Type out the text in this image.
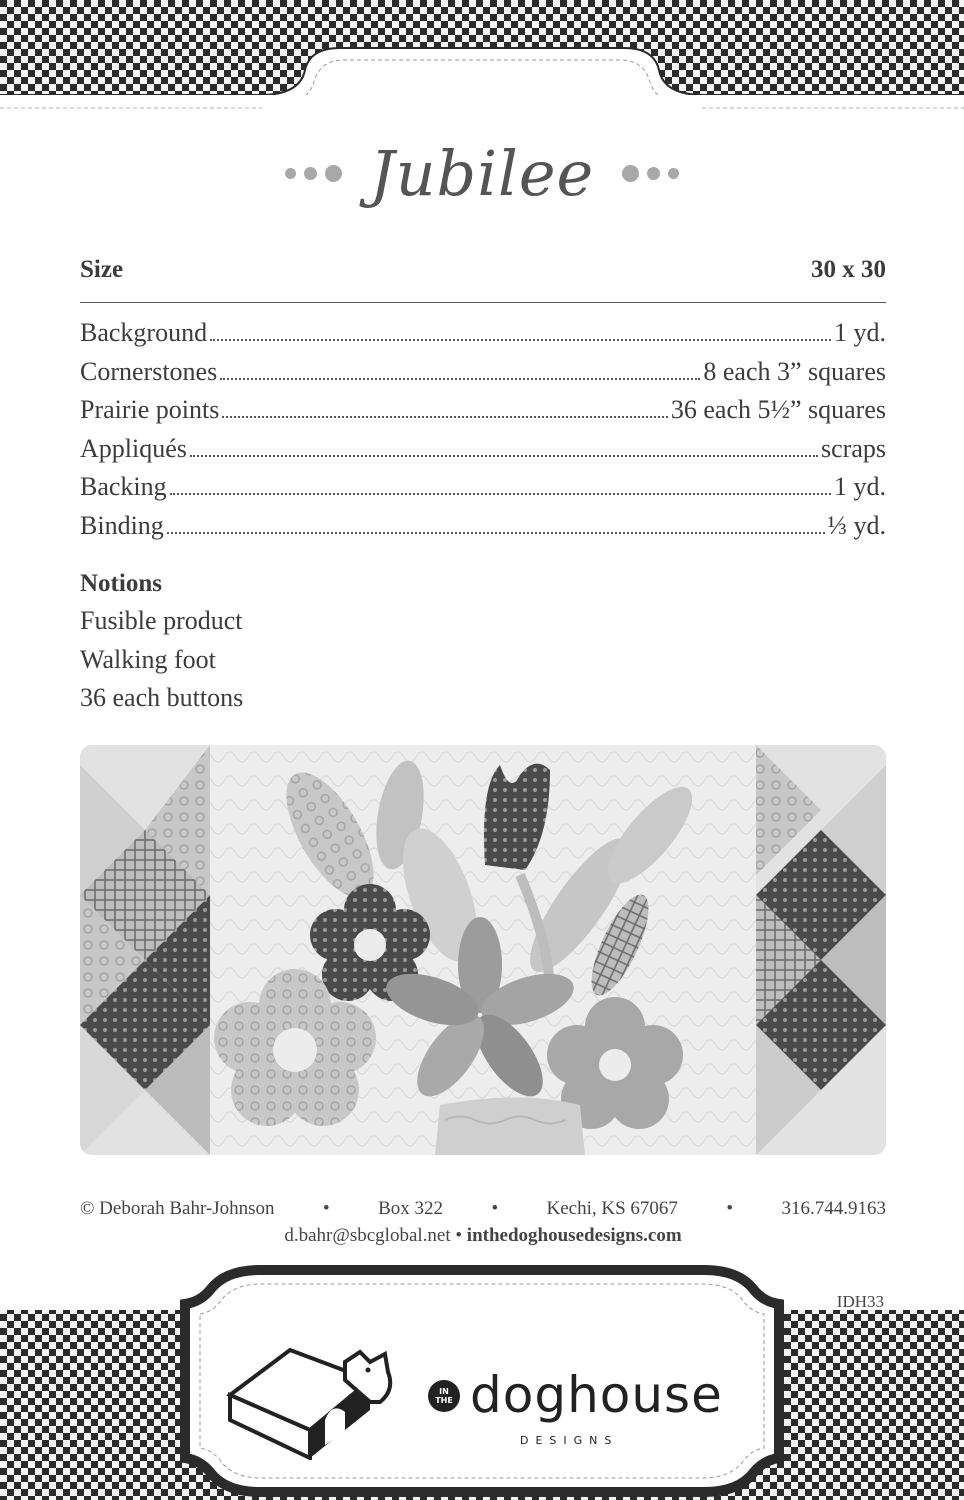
Jubilee
Size	30 x 30
Background	1 yd.
Cornerstones	8 each 3” squares
Prairie points	36 each 5½” squares
Appliqués	scraps
Backing	1 yd.
Binding	⅓ yd.
Notions
Fusible product
Walking foot
36 each buttons
© Deborah Bahr-Johnson	•	Box 322	•	Kechi, KS 67067	•	316.744.9163
d.bahr@sbcglobal.net • inthedoghousedesigns.com
IDH33
IN
THE doghouse
DESIGNS
